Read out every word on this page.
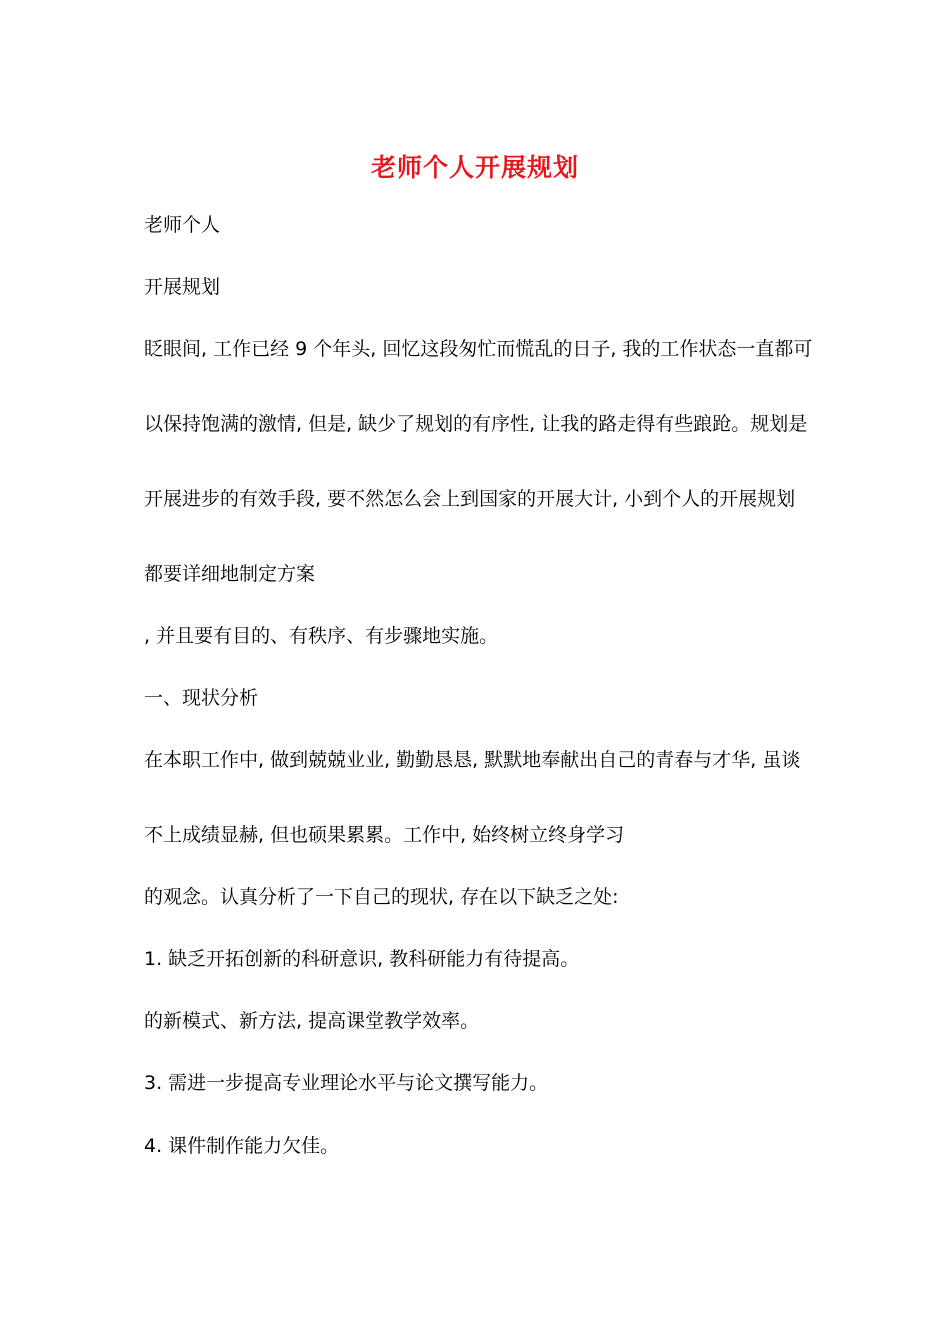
老师个人开展规划
老师个人
开展规划
眨眼间, 工作已经 9 个年头, 回忆这段匆忙而慌乱的日子, 我的工作状态一直都可
以保持饱满的激情, 但是, 缺少了规划的有序性, 让我的路走得有些踉跄。规划是
开展进步的有效手段, 要不然怎么会上到国家的开展大计, 小到个人的开展规划
都要详细地制定方案
, 并且要有目的、有秩序、有步骤地实施。
一、现状分析
在本职工作中, 做到兢兢业业, 勤勤恳恳, 默默地奉献出自己的青春与才华, 虽谈
不上成绩显赫, 但也硕果累累。工作中, 始终树立终身学习
的观念。认真分析了一下自己的现状, 存在以下缺乏之处:
1. 缺乏开拓创新的科研意识, 教科研能力有待提高。
的新模式、新方法, 提高课堂教学效率。
3. 需进一步提高专业理论水平与论文撰写能力。
4. 课件制作能力欠佳。
